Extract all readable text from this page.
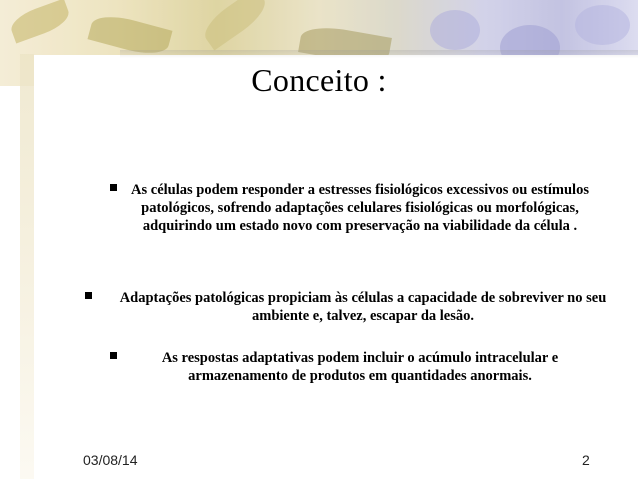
Conceito :
As células podem responder a estresses fisiológicos excessivos ou estímulos patológicos, sofrendo adaptações celulares fisiológicas ou morfológicas, adquirindo um estado novo com preservação na viabilidade da célula .
Adaptações patológicas propiciam às células a capacidade de sobreviver no seu ambiente e, talvez, escapar da lesão.
As respostas adaptativas podem incluir o acúmulo intracelular e armazenamento de produtos em quantidades anormais.
03/08/14	2
